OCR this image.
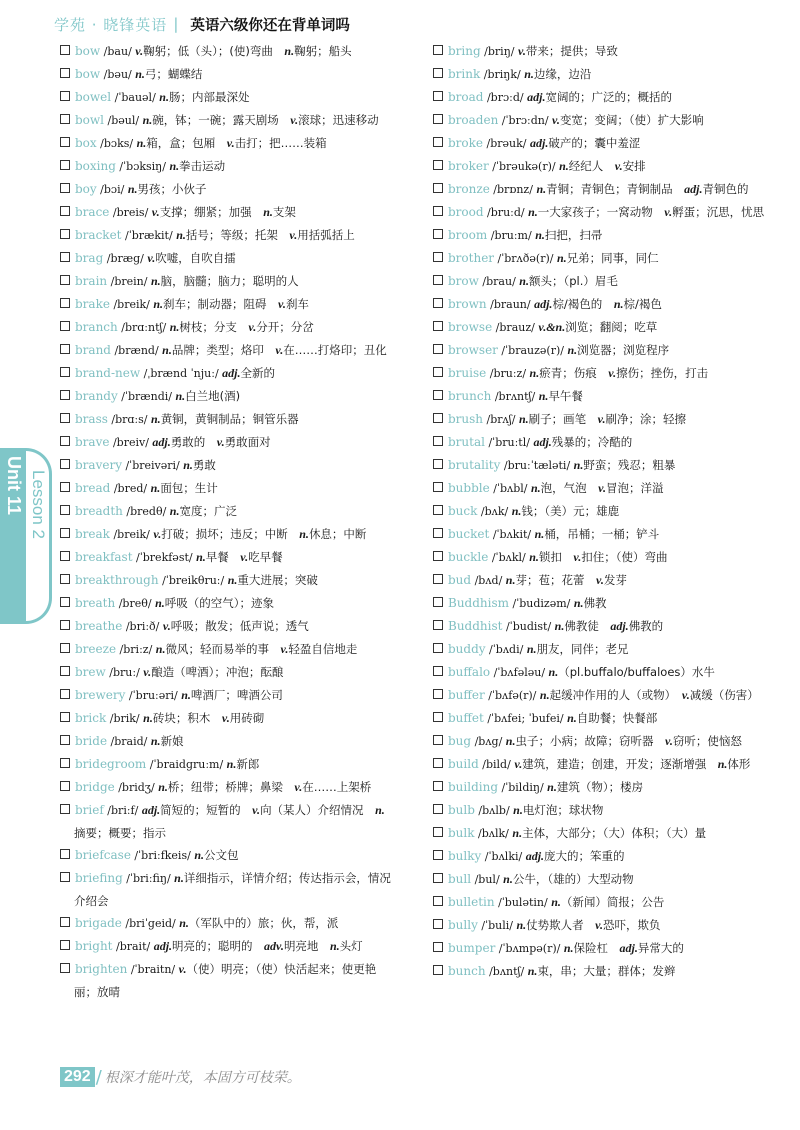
学苑 · 晓锋英语 | 英语六级你还在背单词吗

bow /bau/ v.鞠躬；低（头）；(使)弯曲　n.鞠躬；船头

bow /bəu/ n.弓；蝴蝶结

bowel /ˈbauəl/ n.肠；内部最深处

bowl /bəul/ n.碗，钵；一碗；露天剧场　v.滚球；迅速移动

box /bɔks/ n.箱，盒；包厢　v.击打；把……装箱

boxing /ˈbɔksiŋ/ n.拳击运动

boy /bɔi/ n.男孩；小伙子

brace /breis/ v.支撑；绷紧；加强　n.支架

bracket /ˈbrækit/ n.括号；等级；托架　v.用括弧括上

brag /bræg/ v.吹嘘，自吹自擂

brain /brein/ n.脑，脑髓；脑力；聪明的人

brake /breik/ n.刹车；制动器；阻碍　v.刹车

branch /brɑːntʃ/ n.树枝；分支　v.分开；分岔

brand /brænd/ n.品牌；类型；烙印　v.在……打烙印；丑化

brand-new /ˌbrænd ˈnjuː/ adj.全新的

brandy /ˈbrændi/ n.白兰地(酒)

brass /brɑːs/ n.黄铜，黄铜制品；铜管乐器

brave /breiv/ adj.勇敢的　v.勇敢面对

bravery /ˈbreivəri/ n.勇敢

bread /bred/ n.面包；生计

breadth /bredθ/ n.宽度；广泛

break /breik/ v.打破；损坏；违反；中断　n.休息；中断

breakfast /ˈbrekfəst/ n.早餐　v.吃早餐

breakthrough /ˈbreikθruː/ n.重大进展；突破

breath /breθ/ n.呼吸（的空气）；迹象

breathe /briːð/ v.呼吸；散发；低声说；透气

breeze /briːz/ n.微风；轻而易举的事　v.轻盈自信地走

brew /bruː/ v.酿造（啤酒）；冲泡；酝酿

brewery /ˈbruːəri/ n.啤酒厂；啤酒公司

brick /brik/ n.砖块；积木　v.用砖砌

bride /braid/ n.新娘

bridegroom /ˈbraidgruːm/ n.新郎

bridge /bridʒ/ n.桥；纽带；桥牌；鼻梁　v.在……上架桥

brief /briːf/ adj.简短的；短暂的　v.向（某人）介绍情况　n.摘要；概要；指示

briefcase /ˈbriːfkeis/ n.公文包

briefing /ˈbriːfiŋ/ n.详细指示，详情介绍；传达指示会，情况介绍会

brigade /briˈgeid/ n.（军队中的）旅；伙，帮，派

bright /brait/ adj.明亮的；聪明的　adv.明亮地　n.头灯

brighten /ˈbraitn/ v.（使）明亮；（使）快活起来；使更艳丽；放晴

bring /briŋ/ v.带来；提供；导致

brink /briŋk/ n.边缘，边沿

broad /brɔːd/ adj.宽阔的；广泛的；概括的

broaden /ˈbrɔːdn/ v.变宽；变阔；（使）扩大影响

broke /brəuk/ adj.破产的；囊中羞涩

broker /ˈbrəukə(r)/ n.经纪人　v.安排

bronze /brɒnz/ n.青铜；青铜色；青铜制品　adj.青铜色的

brood /bruːd/ n.一大家孩子；一窝动物　v.孵蛋；沉思，忧思

broom /bruːm/ n.扫把，扫帚

brother /ˈbrʌðə(r)/ n.兄弟；同事，同仁

brow /brau/ n.额头；（pl.）眉毛

brown /braun/ adj.棕/褐色的　n.棕/褐色

browse /brauz/ v.&n.浏览；翻阅；吃草

browser /ˈbrauzə(r)/ n.浏览器；浏览程序

bruise /bruːz/ n.瘀青；伤痕　v.擦伤；挫伤，打击

brunch /brʌntʃ/ n.早午餐

brush /brʌʃ/ n.刷子；画笔　v.刷净；涂；轻擦

brutal /ˈbruːtl/ adj.残暴的；冷酷的

brutality /bruːˈtæləti/ n.野蛮；残忍；粗暴

bubble /ˈbʌbl/ n.泡，气泡　v.冒泡；洋溢

buck /bʌk/ n.钱；（美）元；雄鹿

bucket /ˈbʌkit/ n.桶，吊桶；一桶；铲斗

buckle /ˈbʌkl/ n.锁扣　v.扣住；（使）弯曲

bud /bʌd/ n.芽；苞；花蕾　v.发芽

Buddhism /ˈbudizəm/ n.佛教

Buddhist /ˈbudist/ n.佛教徒　adj.佛教的

buddy /ˈbʌdi/ n.朋友，同伴；老兄

buffalo /ˈbʌfələu/ n.（pl.buffalo/buffaloes）水牛

buffer /ˈbʌfə(r)/ n.起缓冲作用的人（或物）　v.减缓（伤害）

buffet /ˈbʌfei; ˈbufei/ n.自助餐；快餐部

bug /bʌg/ n.虫子；小病；故障；窃听器　v.窃听；使恼怒

build /bild/ v.建筑，建造；创建，开发；逐渐增强　n.体形

building /ˈbildiŋ/ n.建筑（物）；楼房

bulb /bʌlb/ n.电灯泡；球状物

bulk /bʌlk/ n.主体，大部分；（大）体积；（大）量

bulky /ˈbʌlki/ adj.庞大的；笨重的

bull /bul/ n.公牛，（雄的）大型动物

bulletin /ˈbulətin/ n.（新闻）简报；公告

bully /ˈbuli/ n.仗势欺人者　v.恐吓，欺负

bumper /ˈbʌmpə(r)/ n.保险杠　adj.异常大的

bunch /bʌntʃ/ n.束，串；大量；群体；发辫

Unit 11 Lesson 2
292 / 根深才能叶茂，本固方可枝荣。
